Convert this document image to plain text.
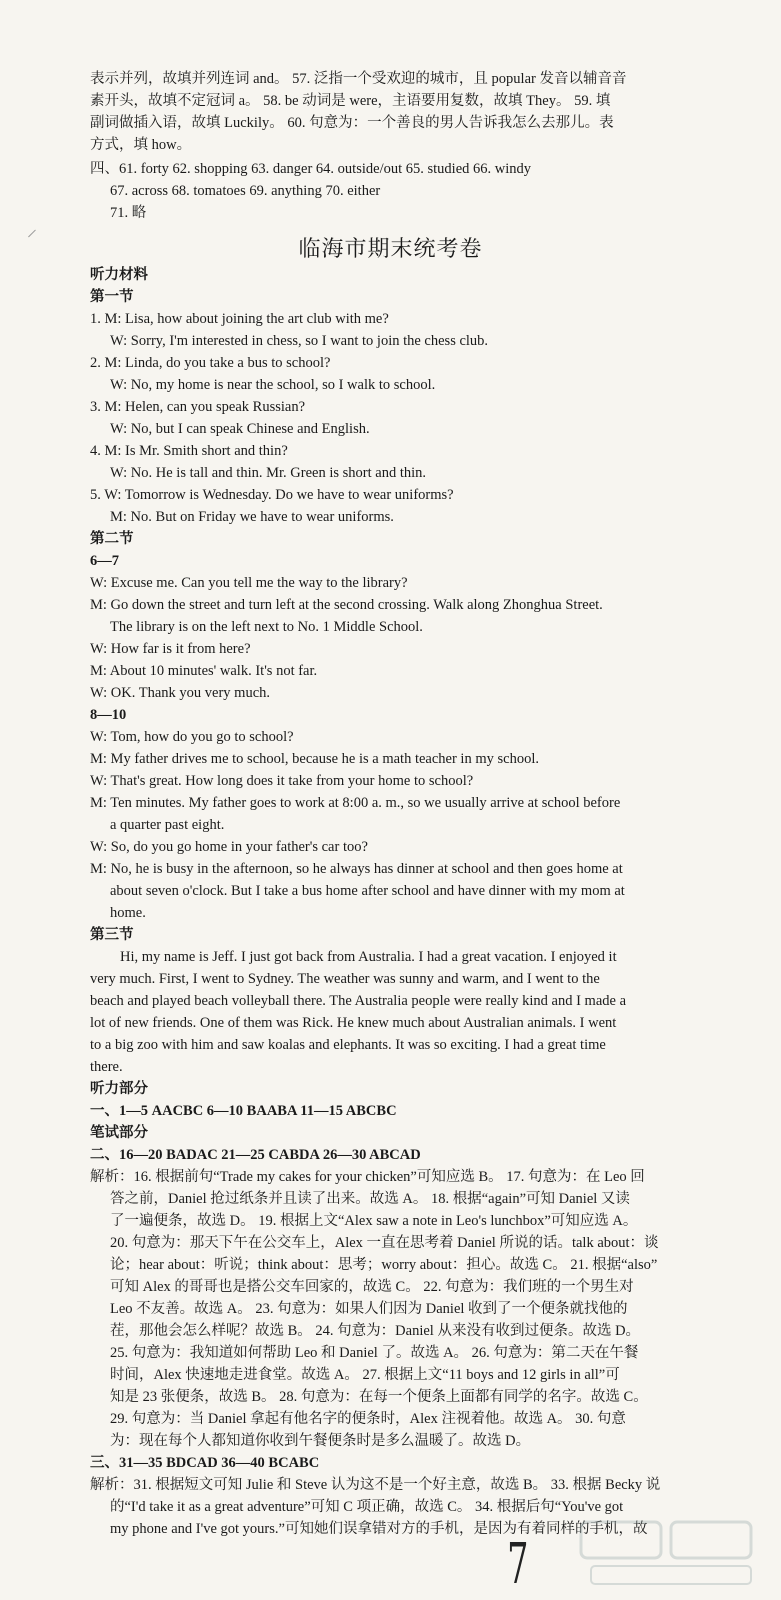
表示并列，故填并列连词 and。 57. 泛指一个受欢迎的城市，且 popular 发音以辅音音
素开头，故填不定冠词 a。 58. be 动词是 were，主语要用复数，故填 They。 59. 填
副词做插入语，故填 Luckily。 60. 句意为：一个善良的男人告诉我怎么去那儿。表
方式，填 how。
四、61. forty 62. shopping 63. danger 64. outside/out 65. studied 66. windy
67. across 68. tomatoes 69. anything 70. either
71. 略
临海市期末统考卷
听力材料
第一节
1. M: Lisa, how about joining the art club with me?
W: Sorry, I'm interested in chess, so I want to join the chess club.
2. M: Linda, do you take a bus to school?
W: No, my home is near the school, so I walk to school.
3. M: Helen, can you speak Russian?
W: No, but I can speak Chinese and English.
4. M: Is Mr. Smith short and thin?
W: No. He is tall and thin. Mr. Green is short and thin.
5. W: Tomorrow is Wednesday. Do we have to wear uniforms?
M: No. But on Friday we have to wear uniforms.
第二节
6—7
W: Excuse me. Can you tell me the way to the library?
M: Go down the street and turn left at the second crossing. Walk along Zhonghua Street.
The library is on the left next to No. 1 Middle School.
W: How far is it from here?
M: About 10 minutes' walk. It's not far.
W: OK. Thank you very much.
8—10
W: Tom, how do you go to school?
M: My father drives me to school, because he is a math teacher in my school.
W: That's great. How long does it take from your home to school?
M: Ten minutes. My father goes to work at 8:00 a. m., so we usually arrive at school before
a quarter past eight.
W: So, do you go home in your father's car too?
M: No, he is busy in the afternoon, so he always has dinner at school and then goes home at
about seven o'clock. But I take a bus home after school and have dinner with my mom at
home.
第三节
Hi, my name is Jeff. I just got back from Australia. I had a great vacation. I enjoyed it
very much. First, I went to Sydney. The weather was sunny and warm, and I went to the
beach and played beach volleyball there. The Australia people were really kind and I made a
lot of new friends. One of them was Rick. He knew much about Australian animals. I went
to a big zoo with him and saw koalas and elephants. It was so exciting. I had a great time
there.
听力部分
一、1—5 AACBC 6—10 BAABA 11—15 ABCBC
笔试部分
二、16—20 BADAC 21—25 CABDA 26—30 ABCAD
解析：16. 根据前句“Trade my cakes for your chicken”可知应选 B。 17. 句意为：在 Leo 回
答之前，Daniel 抢过纸条并且读了出来。故选 A。 18. 根据“again”可知 Daniel 又读
了一遍便条，故选 D。 19. 根据上文“Alex saw a note in Leo's lunchbox”可知应选 A。
20. 句意为：那天下午在公交车上，Alex 一直在思考着 Daniel 所说的话。talk about：谈
论；hear about：听说；think about：思考；worry about：担心。故选 C。 21. 根据“also”
可知 Alex 的哥哥也是搭公交车回家的，故选 C。 22. 句意为：我们班的一个男生对
Leo 不友善。故选 A。 23. 句意为：如果人们因为 Daniel 收到了一个便条就找他的
茬，那他会怎么样呢？故选 B。 24. 句意为：Daniel 从来没有收到过便条。故选 D。
25. 句意为：我知道如何帮助 Leo 和 Daniel 了。故选 A。 26. 句意为：第二天在午餐
时间，Alex 快速地走进食堂。故选 A。 27. 根据上文“11 boys and 12 girls in all”可
知是 23 张便条，故选 B。 28. 句意为：在每一个便条上面都有同学的名字。故选 C。
29. 句意为：当 Daniel 拿起有他名字的便条时，Alex 注视着他。故选 A。 30. 句意
为：现在每个人都知道你收到午餐便条时是多么温暖了。故选 D。
三、31—35 BDCAD 36—40 BCABC
解析：31. 根据短文可知 Julie 和 Steve 认为这不是一个好主意，故选 B。 33. 根据 Becky 说
的“I'd take it as a great adventure”可知 C 项正确，故选 C。 34. 根据后句“You've got
my phone and I've got yours.”可知她们误拿错对方的手机，是因为有着同样的手机，故
7
